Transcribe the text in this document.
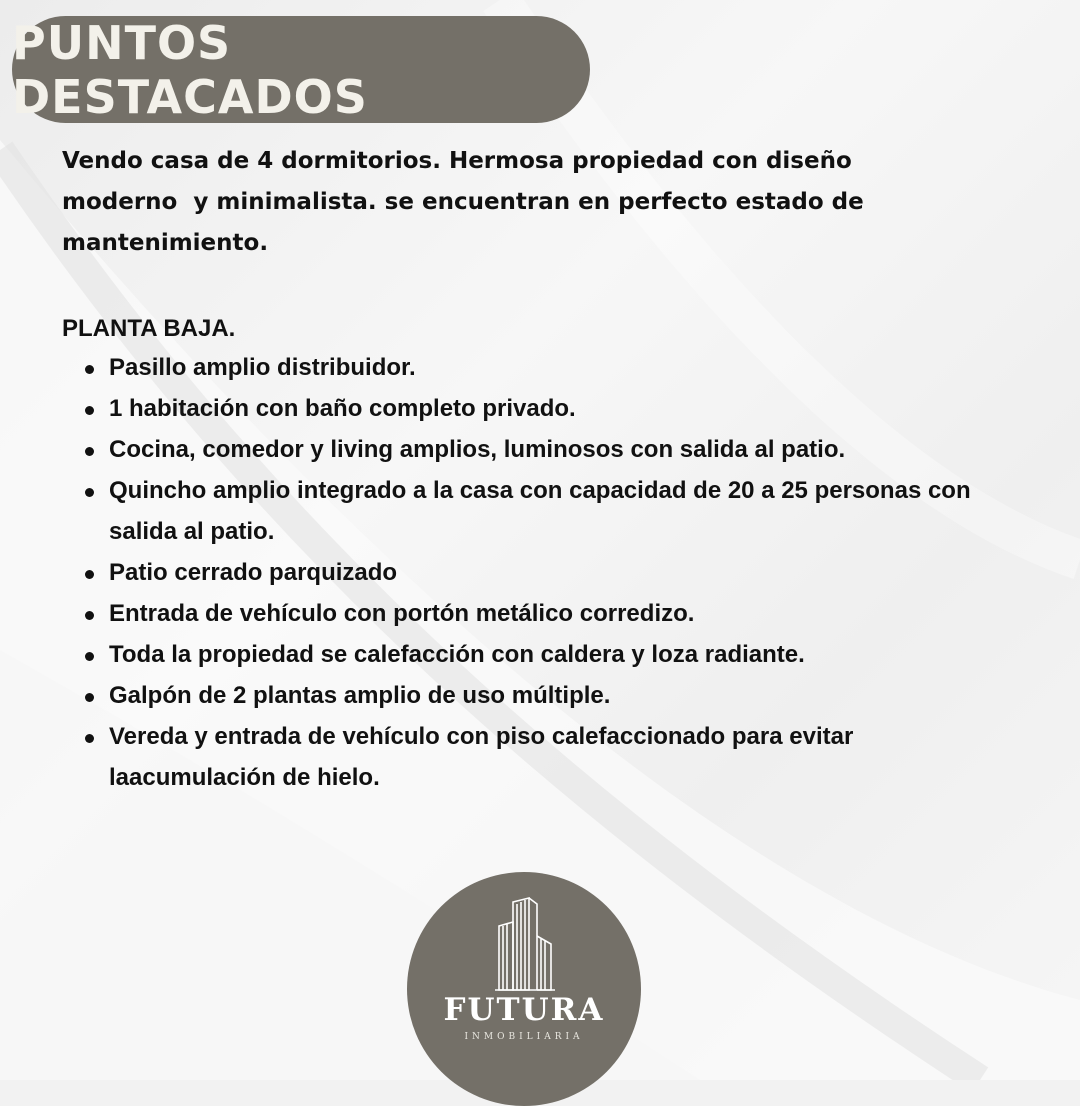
PUNTOS DESTACADOS

Vendo casa de 4 dormitorios. Hermosa propiedad con diseño
moderno  y minimalista. se encuentran en perfecto estado de
mantenimiento.

PLANTA BAJA.

Pasillo amplio distribuidor.
1 habitación con baño completo privado.
Cocina, comedor y living amplios, luminosos con salida al patio.
Quincho amplio integrado a la casa con capacidad de 20 a 25 personas con salida al patio.
Patio cerrado parquizado
Entrada de vehículo con portón metálico corredizo.
Toda la propiedad se calefacción con caldera y loza radiante.
Galpón de 2 plantas amplio de uso múltiple.
Vereda y entrada de vehículo con piso calefaccionado para evitar laacumulación de hielo.
FUTURA
INMOBILIARIA
